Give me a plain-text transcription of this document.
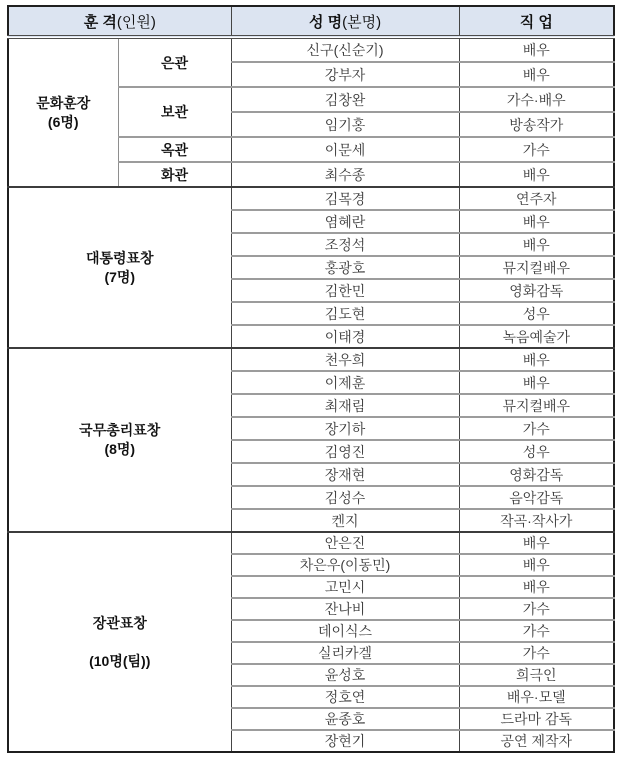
훈 격(인원)		성 명(본명)	직 업

문화훈장
(6명)	은관	신구(신순기)	배우
		강부자	배우
	보관	김창완	가수·배우
		임기홍	방송작가
	옥관	이문세	가수
	화관	최수종	배우

대통령표창
(7명)		김목경	연주자
		염혜란	배우
		조정석	배우
		홍광호	뮤지컬배우
		김한민	영화감독
		김도현	성우
		이태경	녹음예술가

국무총리표창
(8명)		천우희	배우
		이제훈	배우
		최재림	뮤지컬배우
		장기하	가수
		김영진	성우
		장재현	영화감독
		김성수	음악감독
		켄지	작곡·작사가

장관표창
(10명(팀))		안은진	배우
		차은우(이동민)	배우
		고민시	배우
		잔나비	가수
		데이식스	가수
		실리카겔	가수
		윤성호	희극인
		정호연	배우·모델
		윤종호	드라마 감독
		장현기	공연 제작자
